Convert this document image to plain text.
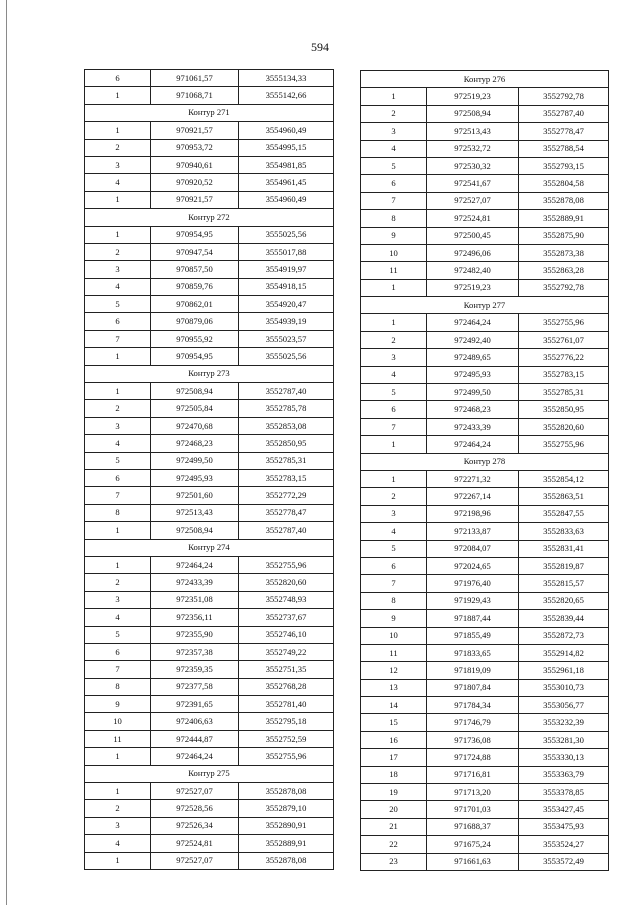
594
6	971061,57	3555134,33
1	971068,71	3555142,66
Контур 271		
1	970921,57	3554960,49
2	970953,72	3554995,15
3	970940,61	3554981,85
4	970920,52	3554961,45
1	970921,57	3554960,49
Контур 272		
1	970954,95	3555025,56
2	970947,54	3555017,88
3	970857,50	3554919,97
4	970859,76	3554918,15
5	970862,01	3554920,47
6	970879,06	3554939,19
7	970955,92	3555023,57
1	970954,95	3555025,56
Контур 273		
1	972508,94	3552787,40
2	972505,84	3552785,78
3	972470,68	3552853,08
4	972468,23	3552850,95
5	972499,50	3552785,31
6	972495,93	3552783,15
7	972501,60	3552772,29
8	972513,43	3552778,47
1	972508,94	3552787,40
Контур 274		
1	972464,24	3552755,96
2	972433,39	3552820,60
3	972351,08	3552748,93
4	972356,11	3552737,67
5	972355,90	3552746,10
6	972357,38	3552749,22
7	972359,35	3552751,35
8	972377,58	3552768,28
9	972391,65	3552781,40
10	972406,63	3552795,18
11	972444,87	3552752,59
1	972464,24	3552755,96
Контур 275		
1	972527,07	3552878,08
2	972528,56	3552879,10
3	972526,34	3552890,91
4	972524,81	3552889,91
1	972527,07	3552878,08
Контур 276		
1	972519,23	3552792,78
2	972508,94	3552787,40
3	972513,43	3552778,47
4	972532,72	3552788,54
5	972530,32	3552793,15
6	972541,67	3552804,58
7	972527,07	3552878,08
8	972524,81	3552889,91
9	972500,45	3552875,90
10	972496,06	3552873,38
11	972482,40	3552863,28
1	972519,23	3552792,78
Контур 277		
1	972464,24	3552755,96
2	972492,40	3552761,07
3	972489,65	3552776,22
4	972495,93	3552783,15
5	972499,50	3552785,31
6	972468,23	3552850,95
7	972433,39	3552820,60
1	972464,24	3552755,96
Контур 278		
1	972271,32	3552854,12
2	972267,14	3552863,51
3	972198,96	3552847,55
4	972133,87	3552833,63
5	972084,07	3552831,41
6	972024,65	3552819,87
7	971976,40	3552815,57
8	971929,43	3552820,65
9	971887,44	3552839,44
10	971855,49	3552872,73
11	971833,65	3552914,82
12	971819,09	3552961,18
13	971807,84	3553010,73
14	971784,34	3553056,77
15	971746,79	3553232,39
16	971736,08	3553281,30
17	971724,88	3553330,13
18	971716,81	3553363,79
19	971713,20	3553378,85
20	971701,03	3553427,45
21	971688,37	3553475,93
22	971675,24	3553524,27
23	971661,63	3553572,49
